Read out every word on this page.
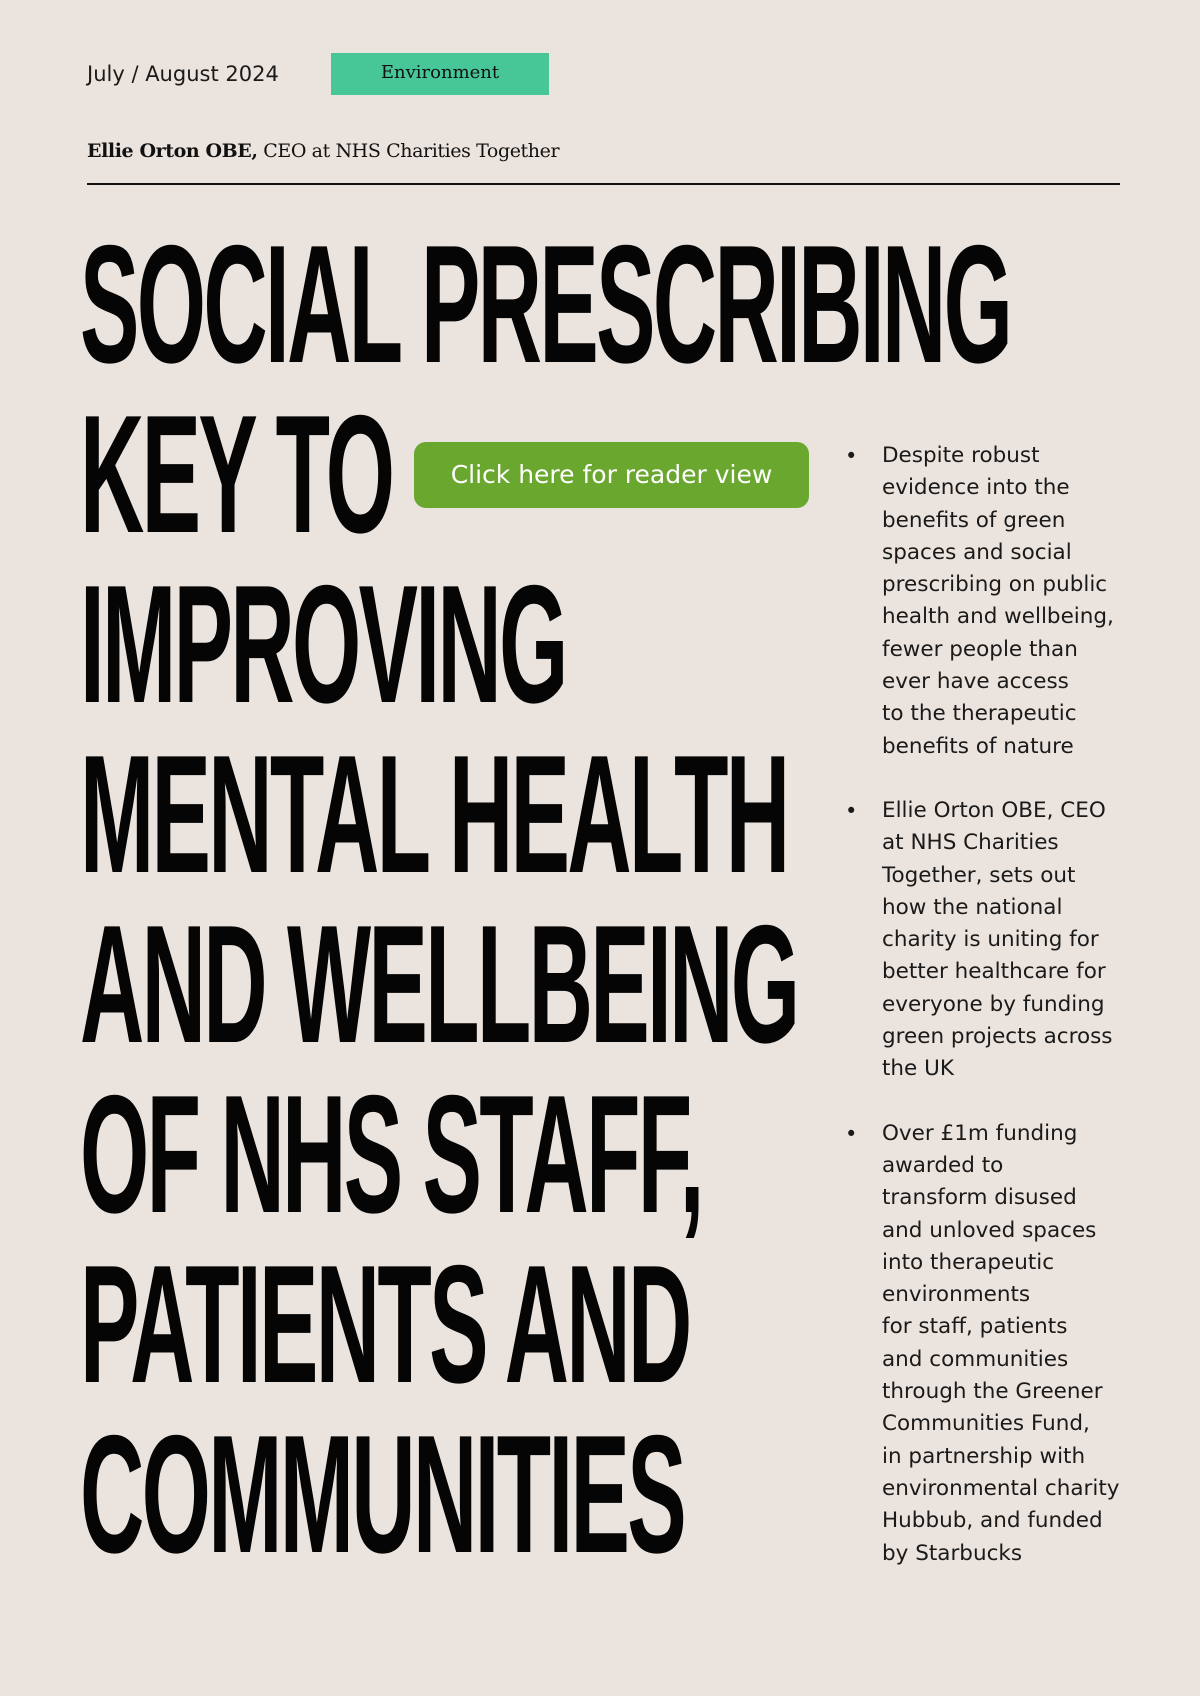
July / August 2024	Environment
Ellie Orton OBE, CEO at NHS Charities Together
SOCIAL PRESCRIBING
KEY TO
IMPROVING
MENTAL HEALTH
AND WELLBEING
OF NHS STAFF,
PATIENTS AND
COMMUNITIES
Click here for reader view
• Despite robust
evidence into the
benefits of green
spaces and social
prescribing on public
health and wellbeing,
fewer people than
ever have access
to the therapeutic
benefits of nature
• Ellie Orton OBE, CEO
at NHS Charities
Together, sets out
how the national
charity is uniting for
better healthcare for
everyone by funding
green projects across
the UK
• Over £1m funding
awarded to
transform disused
and unloved spaces
into therapeutic
environments
for staff, patients
and communities
through the Greener
Communities Fund,
in partnership with
environmental charity
Hubbub, and funded
by Starbucks
